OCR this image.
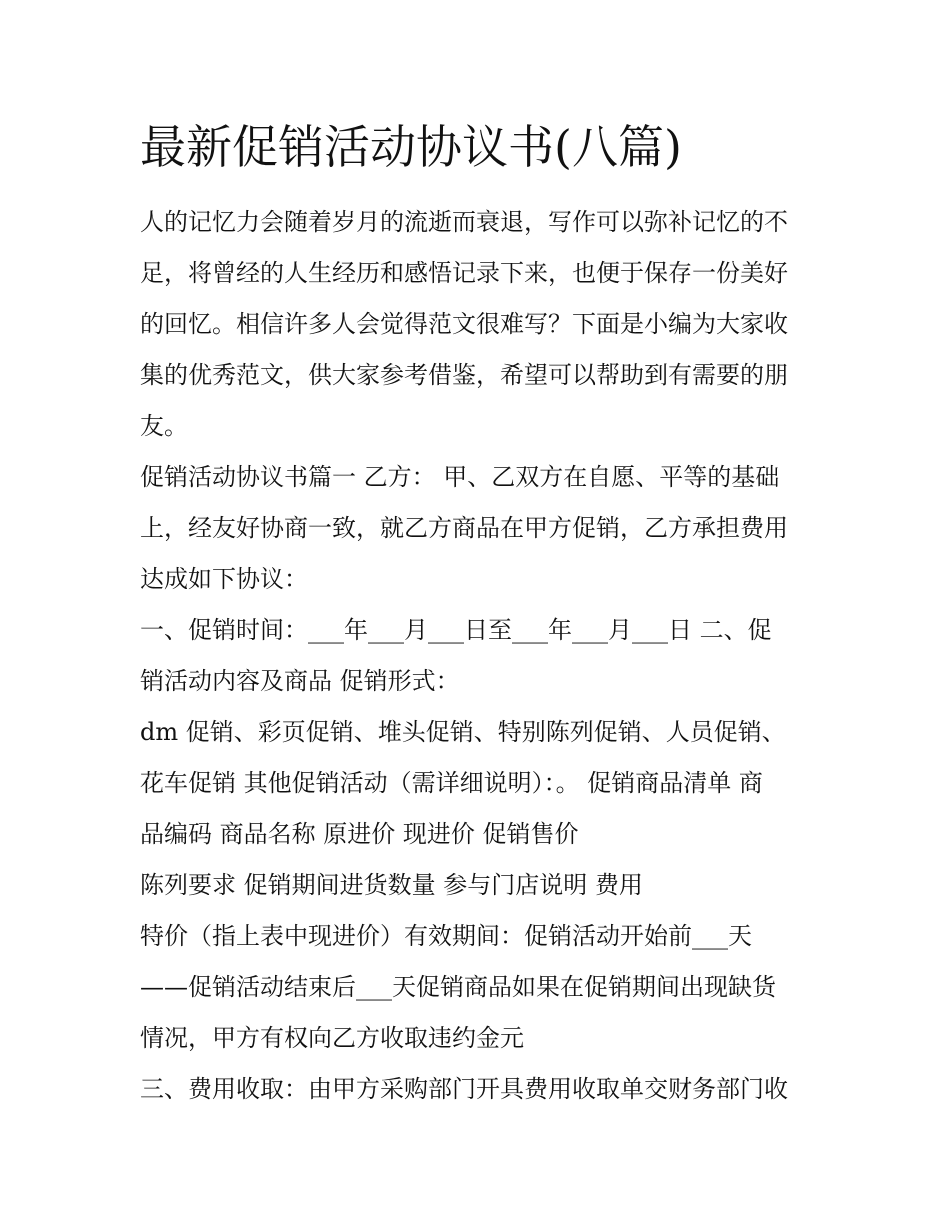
最新促销活动协议书(八篇)
人的记忆力会随着岁月的流逝而衰退，写作可以弥补记忆的不
足，将曾经的人生经历和感悟记录下来，也便于保存一份美好
的回忆。相信许多人会觉得范文很难写？下面是小编为大家收
集的优秀范文，供大家参考借鉴，希望可以帮助到有需要的朋
友。
促销活动协议书篇一 乙方： 甲、乙双方在自愿、平等的基础
上，经友好协商一致，就乙方商品在甲方促销，乙方承担费用
达成如下协议：
一、促销时间：___年___月___日至___年___月___日 二、促
销活动内容及商品 促销形式：
dm 促销、彩页促销、堆头促销、特别陈列促销、人员促销、
花车促销 其他促销活动（需详细说明）：。 促销商品清单 商
品编码 商品名称 原进价 现进价 促销售价
陈列要求 促销期间进货数量 参与门店说明 费用
特价（指上表中现进价）有效期间：促销活动开始前___天
——促销活动结束后___天促销商品如果在促销期间出现缺货
情况，甲方有权向乙方收取违约金元
三、费用收取：由甲方采购部门开具费用收取单交财务部门收
